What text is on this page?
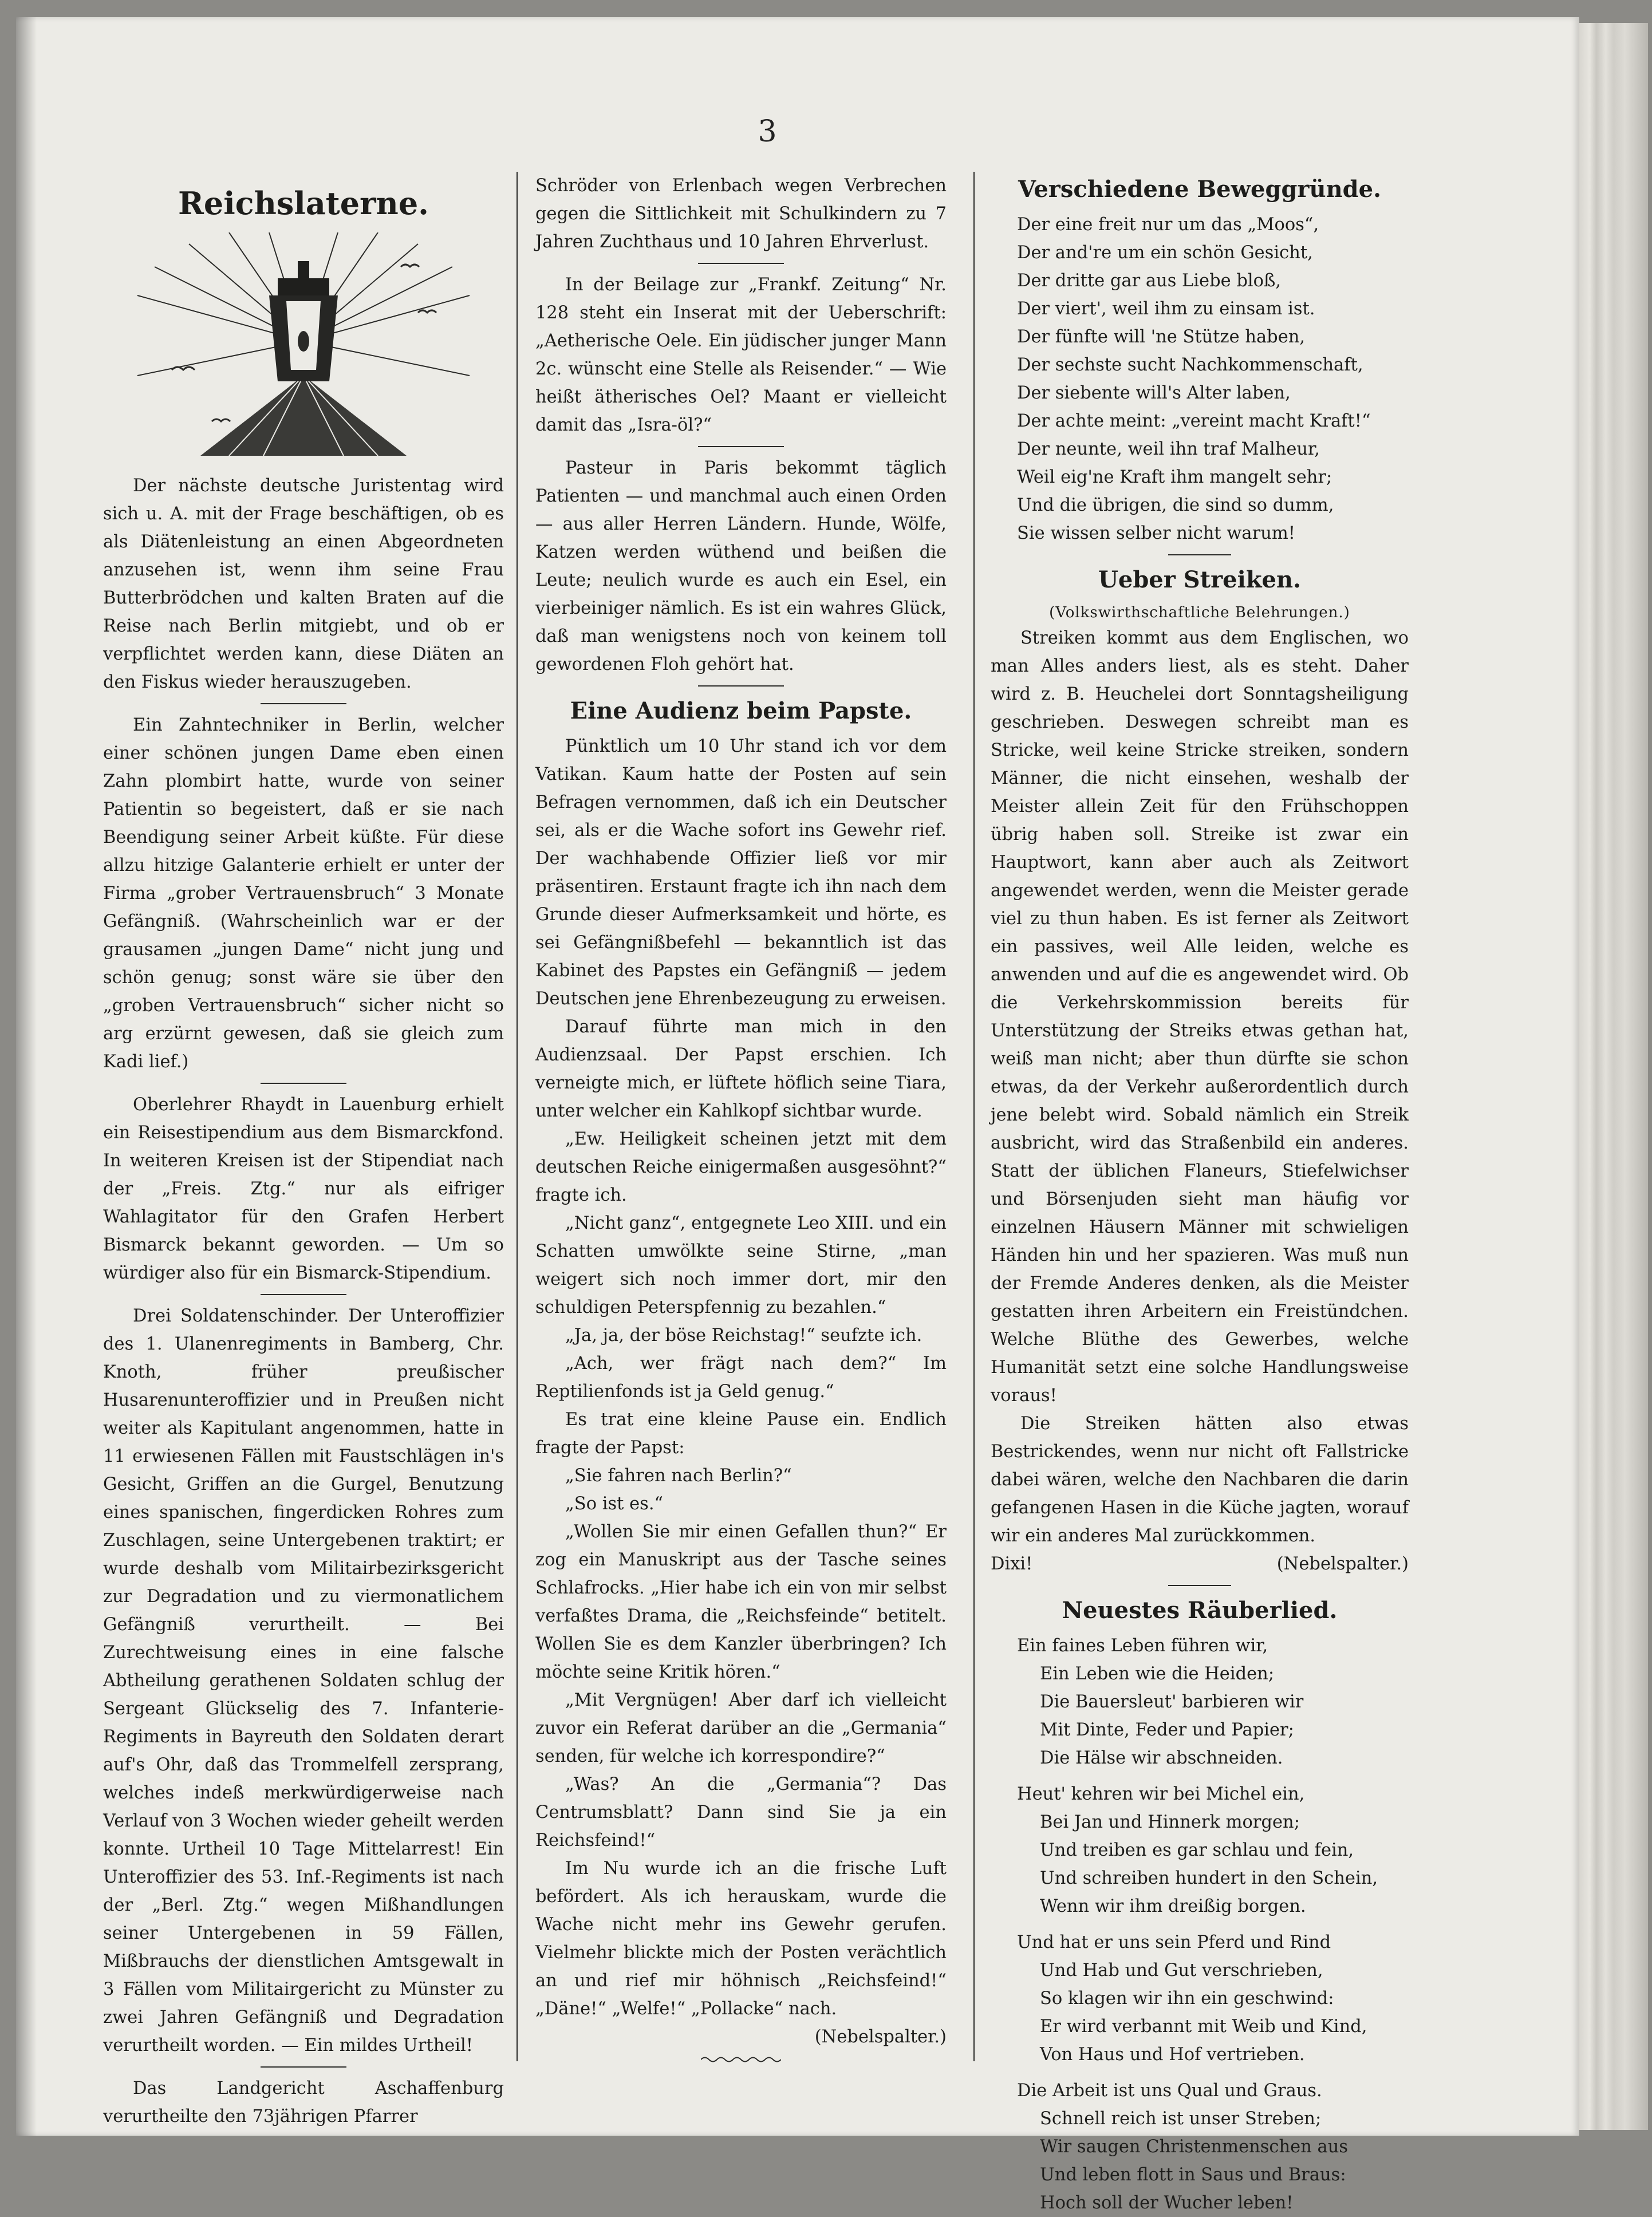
3
Reichslaterne.

Der nächste deutsche Juristentag wird sich u. A. mit der Frage beschäftigen, ob es als Diätenleistung an einen Abgeordneten anzusehen ist, wenn ihm seine Frau Butterbrödchen und kalten Braten auf die Reise nach Berlin mitgiebt, und ob er verpflichtet werden kann, diese Diäten an den Fiskus wieder herauszugeben.

Ein Zahntechniker in Berlin, welcher einer schönen jungen Dame eben einen Zahn plombirt hatte, wurde von seiner Patientin so begeistert, daß er sie nach Beendigung seiner Arbeit küßte. Für diese allzu hitzige Galanterie erhielt er unter der Firma „grober Vertrauensbruch“ 3 Monate Gefängniß. (Wahrscheinlich war er der grausamen „jungen Dame“ nicht jung und schön genug; sonst wäre sie über den „groben Vertrauensbruch“ sicher nicht so arg erzürnt gewesen, daß sie gleich zum Kadi lief.)

Oberlehrer Rhaydt in Lauenburg erhielt ein Reisestipendium aus dem Bismarckfond. In weiteren Kreisen ist der Stipendiat nach der „Freis. Ztg.“ nur als eifriger Wahlagitator für den Grafen Herbert Bismarck bekannt geworden. — Um so würdiger also für ein Bismarck-Stipendium.

Drei Soldatenschinder. Der Unteroffizier des 1. Ulanenregiments in Bamberg, Chr. Knoth, früher preußischer Husarenunteroffizier und in Preußen nicht weiter als Kapitulant angenommen, hatte in 11 erwiesenen Fällen mit Faustschlägen in's Gesicht, Griffen an die Gurgel, Benutzung eines spanischen, fingerdicken Rohres zum Zuschlagen, seine Untergebenen traktirt; er wurde deshalb vom Militairbezirksgericht zur Degradation und zu viermonatlichem Gefängniß verurtheilt. — Bei Zurechtweisung eines in eine falsche Abtheilung gerathenen Soldaten schlug der Sergeant Glückselig des 7. Infanterie-Regiments in Bayreuth den Soldaten derart auf's Ohr, daß das Trommelfell zersprang, welches indeß merkwürdigerweise nach Verlauf von 3 Wochen wieder geheilt werden konnte. Urtheil 10 Tage Mittelarrest! Ein Unteroffizier des 53. Inf.-Regiments ist nach der „Berl. Ztg.“ wegen Mißhandlungen seiner Untergebenen in 59 Fällen, Mißbrauchs der dienstlichen Amtsgewalt in 3 Fällen vom Militairgericht zu Münster zu zwei Jahren Gefängniß und Degradation verurtheilt worden. — Ein mildes Urtheil!

Das Landgericht Aschaffenburg verurtheilte den 73jährigen Pfarrer

Schröder von Erlenbach wegen Verbrechen gegen die Sittlichkeit mit Schulkindern zu 7 Jahren Zuchthaus und 10 Jahren Ehrverlust.

In der Beilage zur „Frankf. Zeitung“ Nr. 128 steht ein Inserat mit der Ueberschrift: „Aetherische Oele. Ein jüdischer junger Mann 2c. wünscht eine Stelle als Reisender.“ — Wie heißt ätherisches Oel? Maant er vielleicht damit das „Isra-öl?“

Pasteur in Paris bekommt täglich Patienten — und manchmal auch einen Orden — aus aller Herren Ländern. Hunde, Wölfe, Katzen werden wüthend und beißen die Leute; neulich wurde es auch ein Esel, ein vierbeiniger nämlich. Es ist ein wahres Glück, daß man wenigstens noch von keinem toll gewordenen Floh gehört hat.

Eine Audienz beim Papste.

Pünktlich um 10 Uhr stand ich vor dem Vatikan. Kaum hatte der Posten auf sein Befragen vernommen, daß ich ein Deutscher sei, als er die Wache sofort ins Gewehr rief. Der wachhabende Offizier ließ vor mir präsentiren. Erstaunt fragte ich ihn nach dem Grunde dieser Aufmerksamkeit und hörte, es sei Gefängnißbefehl — bekanntlich ist das Kabinet des Papstes ein Gefängniß — jedem Deutschen jene Ehrenbezeugung zu erweisen.

Darauf führte man mich in den Audienzsaal. Der Papst erschien. Ich verneigte mich, er lüftete höflich seine Tiara, unter welcher ein Kahlkopf sichtbar wurde.

„Ew. Heiligkeit scheinen jetzt mit dem deutschen Reiche einigermaßen ausgesöhnt?“ fragte ich.

„Nicht ganz“, entgegnete Leo XIII. und ein Schatten umwölkte seine Stirne, „man weigert sich noch immer dort, mir den schuldigen Peterspfennig zu bezahlen.“

„Ja, ja, der böse Reichstag!“ seufzte ich.

„Ach, wer frägt nach dem?“ Im Reptilienfonds ist ja Geld genug.“

Es trat eine kleine Pause ein. Endlich fragte der Papst:

„Sie fahren nach Berlin?“

„So ist es.“

„Wollen Sie mir einen Gefallen thun?“ Er zog ein Manuskript aus der Tasche seines Schlafrocks. „Hier habe ich ein von mir selbst verfaßtes Drama, die „Reichsfeinde“ betitelt. Wollen Sie es dem Kanzler überbringen? Ich möchte seine Kritik hören.“

„Mit Vergnügen! Aber darf ich vielleicht zuvor ein Referat darüber an die „Germania“ senden, für welche ich korrespondire?“

„Was? An die „Germania“? Das Centrumsblatt? Dann sind Sie ja ein Reichsfeind!“

Im Nu wurde ich an die frische Luft befördert. Als ich herauskam, wurde die Wache nicht mehr ins Gewehr gerufen. Vielmehr blickte mich der Posten verächtlich an und rief mir höhnisch „Reichsfeind!“ „Däne!“ „Welfe!“ „Pollacke“ nach.

(Nebelspalter.)
Verschiedene Beweggründe.
Der eine freit nur um das „Moos“,
Der and're um ein schön Gesicht,
Der dritte gar aus Liebe bloß,
Der viert', weil ihm zu einsam ist.
Der fünfte will 'ne Stütze haben,
Der sechste sucht Nachkommenschaft,
Der siebente will's Alter laben,
Der achte meint: „vereint macht Kraft!“
Der neunte, weil ihn traf Malheur,
Weil eig'ne Kraft ihm mangelt sehr;
Und die übrigen, die sind so dumm,
Sie wissen selber nicht warum!
Ueber Streiken.
(Volkswirthschaftliche Belehrungen.)

Streiken kommt aus dem Englischen, wo man Alles anders liest, als es steht. Daher wird z. B. Heuchelei dort Sonntagsheiligung geschrieben. Deswegen schreibt man es Stricke, weil keine Stricke streiken, sondern Männer, die nicht einsehen, weshalb der Meister allein Zeit für den Frühschoppen übrig haben soll. Streike ist zwar ein Hauptwort, kann aber auch als Zeitwort angewendet werden, wenn die Meister gerade viel zu thun haben. Es ist ferner als Zeitwort ein passives, weil Alle leiden, welche es anwenden und auf die es angewendet wird. Ob die Verkehrskommission bereits für Unterstützung der Streiks etwas gethan hat, weiß man nicht; aber thun dürfte sie schon etwas, da der Verkehr außerordentlich durch jene belebt wird. Sobald nämlich ein Streik ausbricht, wird das Straßenbild ein anderes. Statt der üblichen Flaneurs, Stiefelwichser und Börsenjuden sieht man häufig vor einzelnen Häusern Männer mit schwieligen Händen hin und her spazieren. Was muß nun der Fremde Anderes denken, als die Meister gestatten ihren Arbeitern ein Freistündchen. Welche Blüthe des Gewerbes, welche Humanität setzt eine solche Handlungsweise voraus!

Die Streiken hätten also etwas Bestrickendes, wenn nur nicht oft Fallstricke dabei wären, welche den Nachbaren die darin gefangenen Hasen in die Küche jagten, worauf wir ein anderes Mal zurückkommen.

Dixi!	(Nebelspalter.)
Neuestes Räuberlied.
Ein faines Leben führen wir,
Ein Leben wie die Heiden;
Die Bauersleut' barbieren wir
Mit Dinte, Feder und Papier;
Die Hälse wir abschneiden.
Heut' kehren wir bei Michel ein,
Bei Jan und Hinnerk morgen;
Und treiben es gar schlau und fein,
Und schreiben hundert in den Schein,
Wenn wir ihm dreißig borgen.
Und hat er uns sein Pferd und Rind
Und Hab und Gut verschrieben,
So klagen wir ihn ein geschwind:
Er wird verbannt mit Weib und Kind,
Von Haus und Hof vertrieben.
Die Arbeit ist uns Qual und Graus.
Schnell reich ist unser Streben;
Wir saugen Christenmenschen aus
Und leben flott in Saus und Braus:
Hoch soll der Wucher leben!
